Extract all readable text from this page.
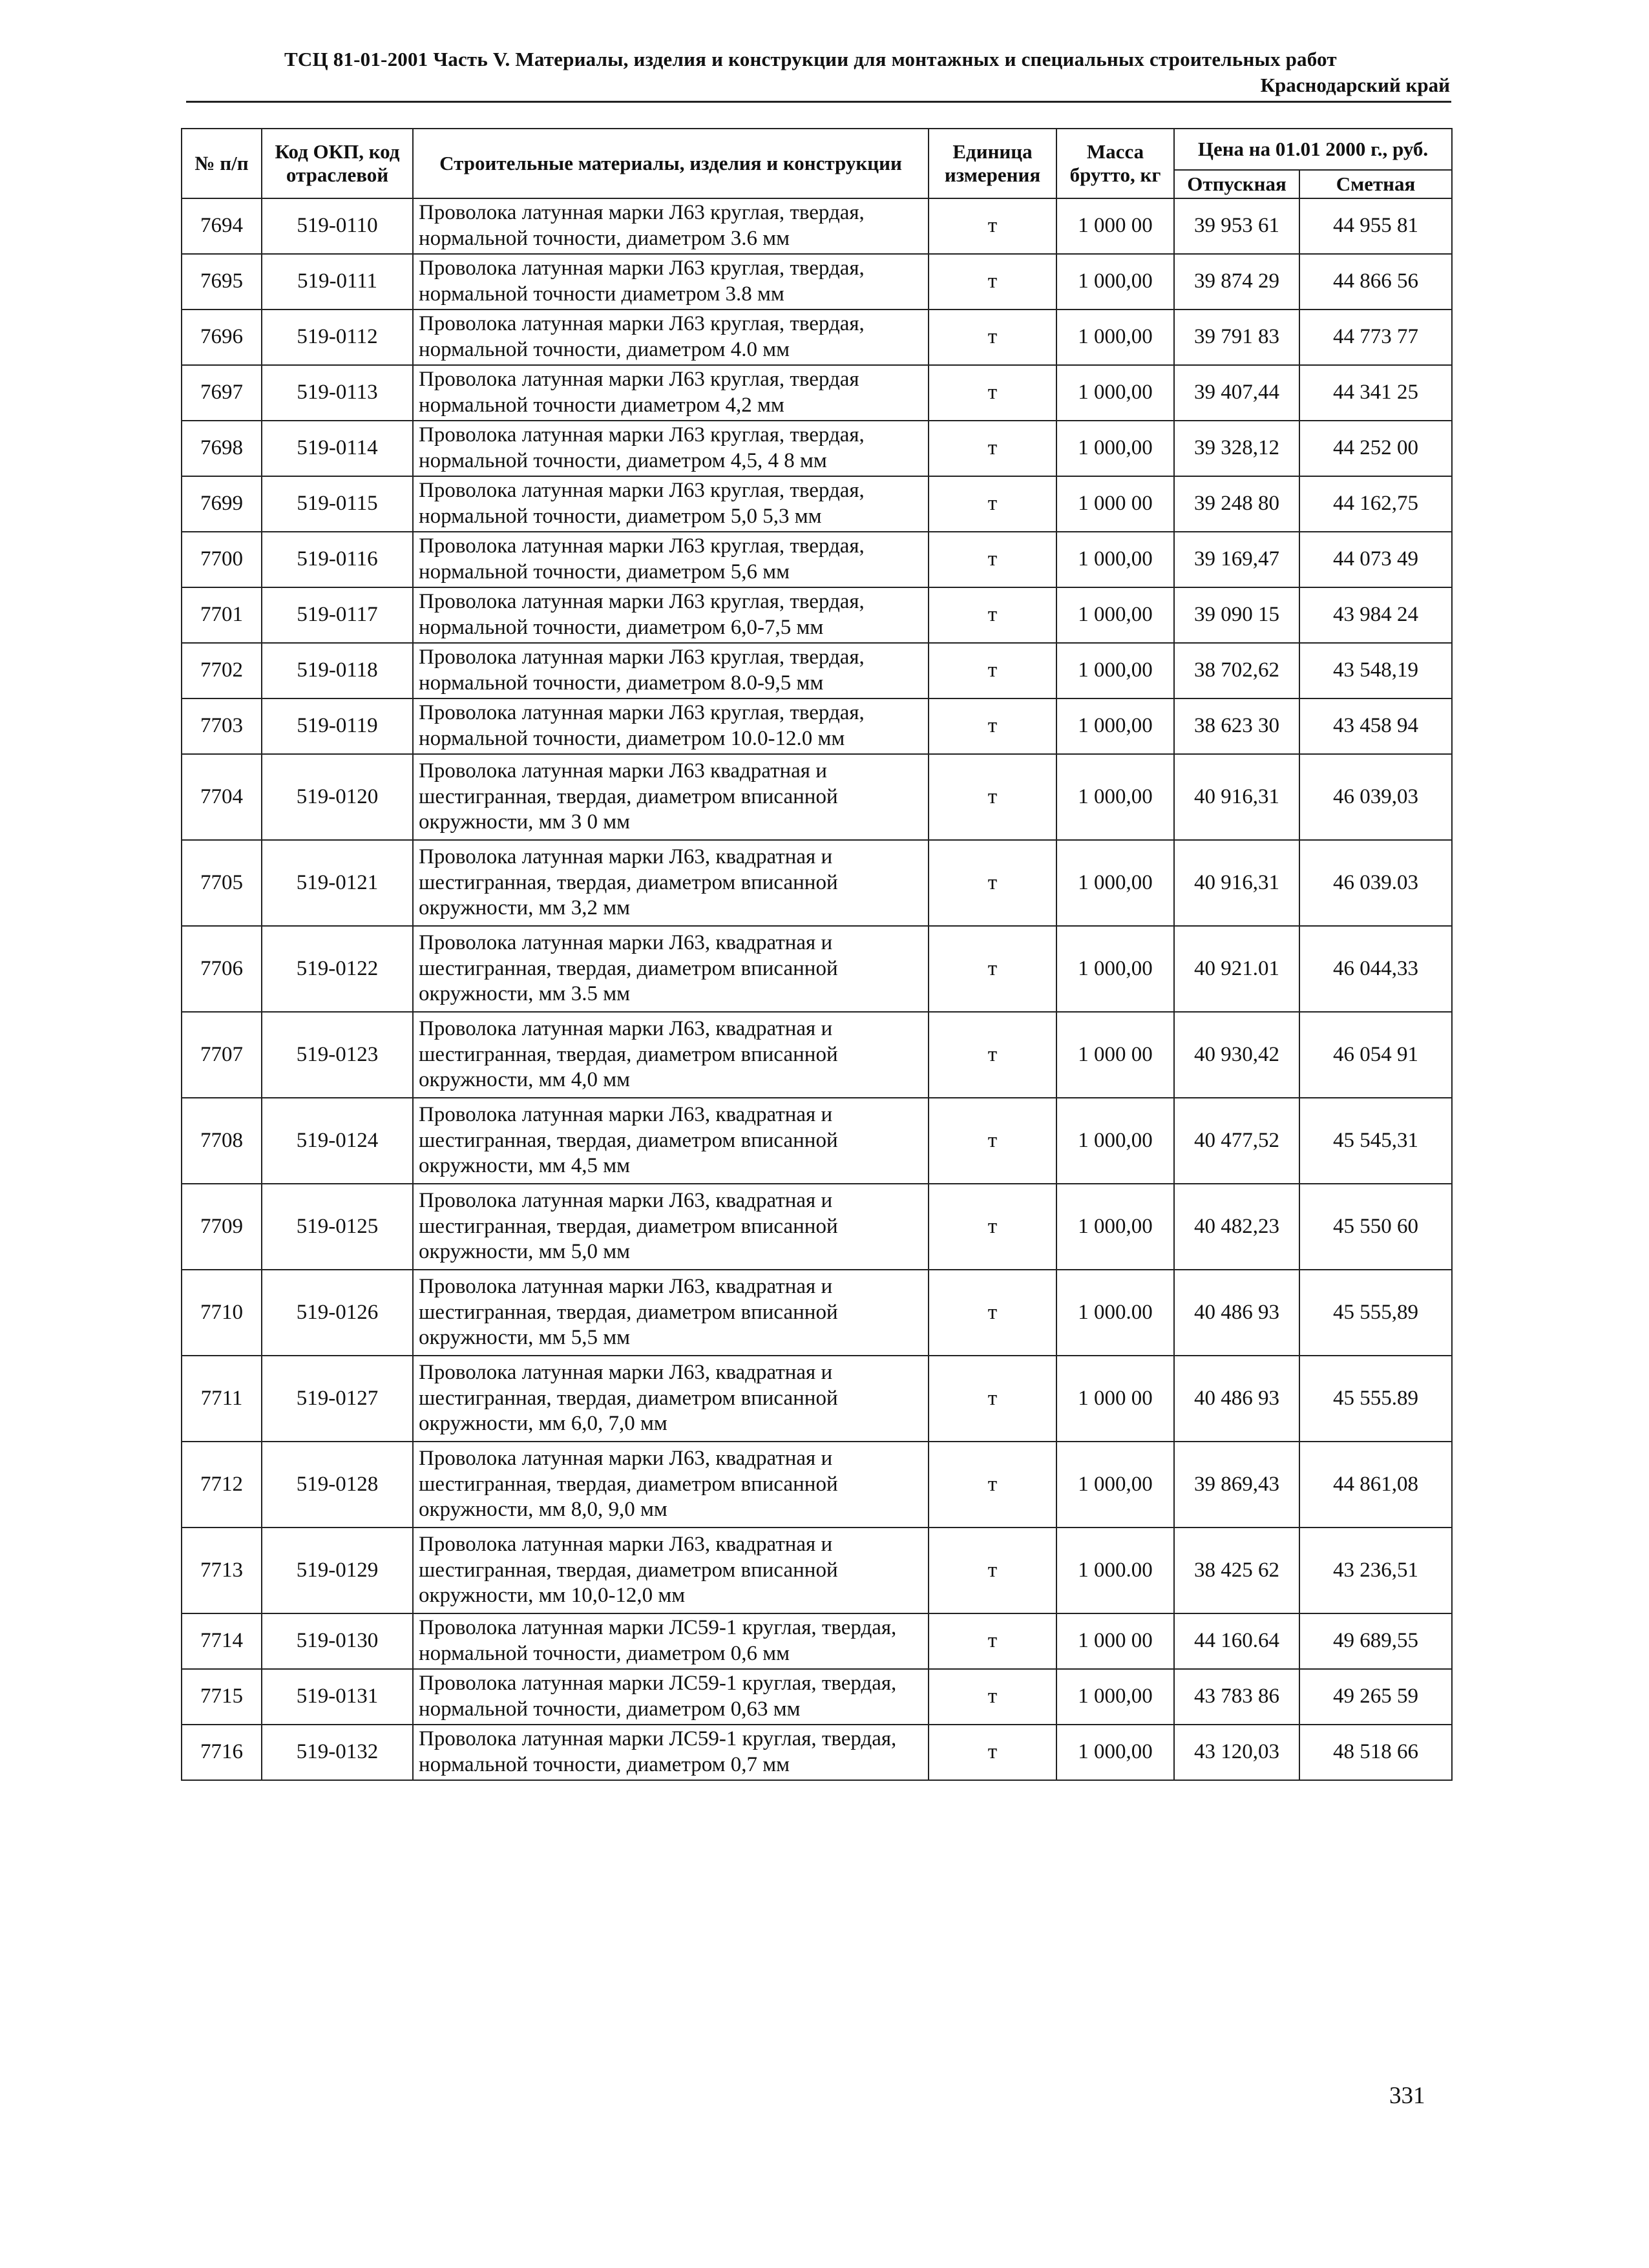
ТСЦ 81-01-2001 Часть V. Материалы, изделия и конструкции для монтажных и специальных строительных работ
Краснодарский край
№ п/п	Код ОКП, код отраслевой	Строительные материалы, изделия и конструкции	Единица измерения	Масса брутто, кг	Цена на 01.01 2000 г., руб.	
					Отпускная	Сметная
7694	519-0110	Проволока латунная марки Л63 круглая, твердая, нормальной точности, диаметром 3.6 мм	т	1 000 00	39 953 61	44 955 81
7695	519-0111	Проволока латунная марки Л63 круглая, твердая, нормальной точности диаметром 3.8 мм	т	1 000,00	39 874 29	44 866 56
7696	519-0112	Проволока латунная марки Л63 круглая, твердая, нормальной точности, диаметром 4.0 мм	т	1 000,00	39 791 83	44 773 77
7697	519-0113	Проволока латунная марки Л63 круглая, твердая нормальной точности диаметром 4,2 мм	т	1 000,00	39 407,44	44 341 25
7698	519-0114	Проволока латунная марки Л63 круглая, твердая, нормальной точности, диаметром 4,5, 4 8 мм	т	1 000,00	39 328,12	44 252 00
7699	519-0115	Проволока латунная марки Л63 круглая, твердая, нормальной точности, диаметром 5,0 5,3 мм	т	1 000 00	39 248 80	44 162,75
7700	519-0116	Проволока латунная марки Л63 круглая, твердая, нормальной точности, диаметром 5,6 мм	т	1 000,00	39 169,47	44 073 49
7701	519-0117	Проволока латунная марки Л63 круглая, твердая, нормальной точности, диаметром 6,0-7,5 мм	т	1 000,00	39 090 15	43 984 24
7702	519-0118	Проволока латунная марки Л63 круглая, твердая, нормальной точности, диаметром 8.0-9,5 мм	т	1 000,00	38 702,62	43 548,19
7703	519-0119	Проволока латунная марки Л63 круглая, твердая, нормальной точности, диаметром 10.0-12.0 мм	т	1 000,00	38 623 30	43 458 94
7704	519-0120	Проволока латунная марки Л63 квадратная и шестигранная, твердая, диаметром вписанной окружности, мм 3 0 мм	т	1 000,00	40 916,31	46 039,03
7705	519-0121	Проволока латунная марки Л63, квадратная и шестигранная, твердая, диаметром вписанной окружности, мм 3,2 мм	т	1 000,00	40 916,31	46 039.03
7706	519-0122	Проволока латунная марки Л63, квадратная и шестигранная, твердая, диаметром вписанной окружности, мм 3.5 мм	т	1 000,00	40 921.01	46 044,33
7707	519-0123	Проволока латунная марки Л63, квадратная и шестигранная, твердая, диаметром вписанной окружности, мм 4,0 мм	т	1 000 00	40 930,42	46 054 91
7708	519-0124	Проволока латунная марки Л63, квадратная и шестигранная, твердая, диаметром вписанной окружности, мм 4,5 мм	т	1 000,00	40 477,52	45 545,31
7709	519-0125	Проволока латунная марки Л63, квадратная и шестигранная, твердая, диаметром вписанной окружности, мм 5,0 мм	т	1 000,00	40 482,23	45 550 60
7710	519-0126	Проволока латунная марки Л63, квадратная и шестигранная, твердая, диаметром вписанной окружности, мм 5,5 мм	т	1 000.00	40 486 93	45 555,89
7711	519-0127	Проволока латунная марки Л63, квадратная и шестигранная, твердая, диаметром вписанной окружности, мм 6,0, 7,0 мм	т	1 000 00	40 486 93	45 555.89
7712	519-0128	Проволока латунная марки Л63, квадратная и шестигранная, твердая, диаметром вписанной окружности, мм 8,0, 9,0 мм	т	1 000,00	39 869,43	44 861,08
7713	519-0129	Проволока латунная марки Л63, квадратная и шестигранная, твердая, диаметром вписанной окружности, мм 10,0-12,0 мм	т	1 000.00	38 425 62	43 236,51
7714	519-0130	Проволока латунная марки ЛС59-1 круглая, твердая, нормальной точности, диаметром 0,6 мм	т	1 000 00	44 160.64	49 689,55
7715	519-0131	Проволока латунная марки ЛС59-1 круглая, твердая, нормальной точности, диаметром 0,63 мм	т	1 000,00	43 783 86	49 265 59
7716	519-0132	Проволока латунная марки ЛС59-1 круглая, твердая, нормальной точности, диаметром 0,7 мм	т	1 000,00	43 120,03	48 518 66
331
